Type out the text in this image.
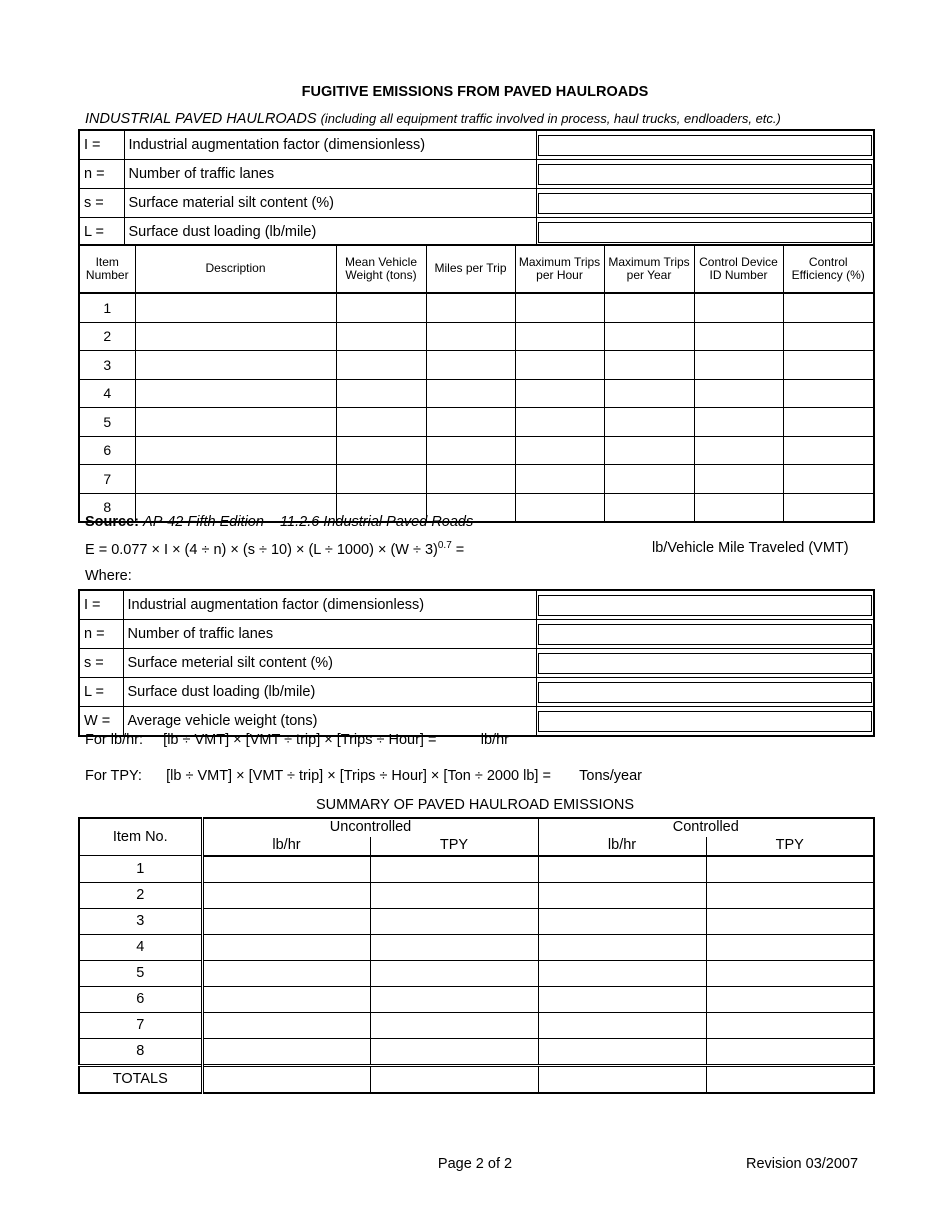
FUGITIVE EMISSIONS FROM PAVED HAULROADS
INDUSTRIAL PAVED HAULROADS (including all equipment traffic involved in process, haul trucks, endloaders, etc.)
I =	Industrial augmentation factor (dimensionless)	

n =	Number of traffic lanes	

s =	Surface material silt content (%)	

L =	Surface dust loading (lb/mile)	
Item Number	Description	Mean Vehicle Weight (tons)	Miles per Trip	Maximum Trips per Hour	Maximum Trips per Year	Control Device ID Number	Control Efficiency (%)
1							
2							
3							
4							
5							
6							
7							
8							
Source: AP-42 Fifth Edition – 11.2.6 Industrial Paved Roads
$E = 0.077 \times I \times (4 \div n) \times (s \div 10) \times (L \div 1000) \times (W \div 3)^{0.7}$ =	lb/Vehicle Mile Traveled (VMT)
Where:
I =	Industrial augmentation factor (dimensionless)	

n =	Number of traffic lanes	

s =	Surface meterial silt content (%)	

L =	Surface dust loading (lb/mile)	

W =	Average vehicle weight (tons)	
For lb/hr: [lb ÷ VMT] × [VMT ÷ trip] × [Trips ÷ Hour] =	lb/hr
For TPY: [lb ÷ VMT] × [VMT ÷ trip] × [Trips ÷ Hour] × [Ton ÷ 2000 lb] = Tons/year
SUMMARY OF PAVED HAULROAD EMISSIONS
Item No.	Uncontrolled		Controlled	
	lb/hr	TPY	lb/hr	TPY
1				
2				
3				
4				
5				
6				
7				
8				
TOTALS				
Page 2 of 2	Revision 03/2007
